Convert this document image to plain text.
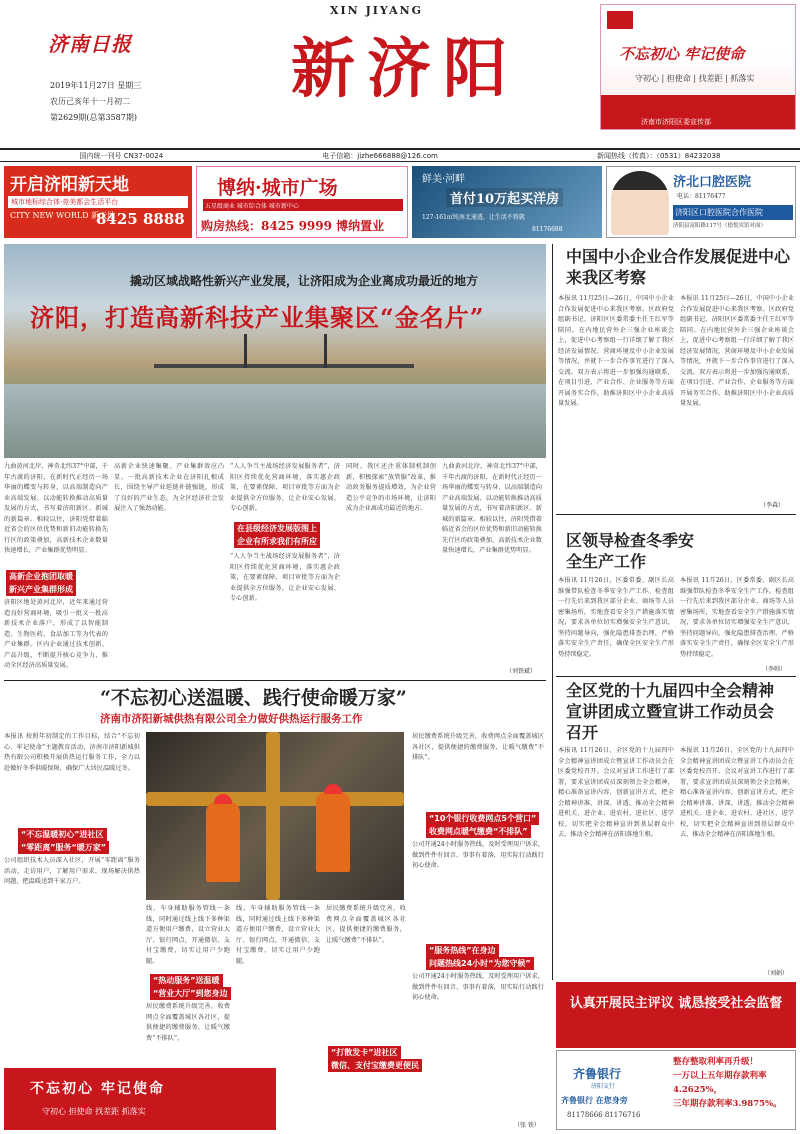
济南日报
2019年11月27日 星期三
农历己亥年十一月初二
第2629期(总第3587期)
XIN JIYANG
新济阳	不忘初心 牢记使命
守初心 | 担使命 | 找差距 | 抓落实
济南市济阳区委宣传部
国内统一刊号 CN37-0024	电子信箱：jizhe666888@126.com	新闻热线（传真）：（0531）84232038
开启济阳新天地
城市地标综合体·竞美都会生活平台
CITY NEW WORLD 新天地
8425 8888
博纳·城市广场
五星级商业 城市综合体 城市新中心
购房热线：8425 9999 博纳置业
鲜美·河畔
首付10万起买洋房
127-161㎡纯南北通透，让生活不将就
81176688
济北口腔医院
电话：81176477
济阳区口腔医院合作医院
济阳县富阳路117号（德悦宾馆对面）
撬动区域战略性新兴产业发展，让济阳成为企业离成功最近的地方
济阳，打造高新科技产业集聚区“金名片”
九曲黄河北岸，神奇北纬37°中部，千年古渡的济阳，在新时代正经历一场华丽的蝶变与转身，以高端制造向产业高端发展、以动能转换推动高质量发展的方式，书写着济阳新区、新城的新篇章。相较以往，济阳凭借着临近省会的区位优势和新旧动能转换先行区的政策叠加，高新技术企业数量快速增长，产业集群优势明显。
高新企业抱团取暖
新兴产业集群形成
济阳区地处黄河北岸，近年来通过营造良好营商环境，吸引一批又一批高新技术企业落户，形成了以智能制造、生物医药、食品加工等为代表的产业集群。区内企业通过技术创新、产品升级，不断提升核心竞争力，推动全区经济高质量发展。
高新企业快速集聚、产业集群效应凸显。一批高新技术企业在济阳扎根成长，围绕主导产业延链补链强链，形成了良好的产业生态，为全区经济社会发展注入了强劲动能。
在县级经济发展版图上
企业有所求我们有所应
“人人争当主战场经济发展服务者”，济阳区持续优化营商环境，落实惠企政策，在要素保障、项目审批等方面为企业提供全方位服务，让企业安心发展、专心创新。
“人人争当主战场经济发展服务者”，济阳区持续优化营商环境，落实惠企政策，在要素保障、项目审批等方面为企业提供全方位服务，让企业安心发展、专心创新。
同时，我区还注重体制机制创新，积极探索“放管服”改革，推动政务服务提质增效，为企业营造公平竞争的市场环境，让济阳成为企业离成功最近的地方。
九曲黄河北岸，神奇北纬37°中部，千年古渡的济阳，在新时代正经历一场华丽的蝶变与转身，以高端制造向产业高端发展、以动能转换推动高质量发展的方式，书写着济阳新区、新城的新篇章。相较以往，济阳凭借着临近省会的区位优势和新旧动能转换先行区的政策叠加，高新技术企业数量快速增长，产业集群优势明显。
（刘铁斌）
“不忘初心送温暖、践行使命暖万家”
济南市济阳新城供热有限公司全力做好供热运行服务工作
本报讯 按照年初制定的工作目标，结合“不忘初心、牢记使命”主题教育活动，济南市济阳新城供热有限公司积极开展供热运行服务工作，全力以赴做好冬季供暖保障，确保广大居民温暖过冬。
“不忘温暖初心”进社区
“零距离”服务“暖万家”
公司组织技术人员深入社区，开展“零距离”服务活动，走访用户，了解用户需求，现场解决供热问题，把温暖送到千家万户。
线、车身辅助服务管线一条线，同时通过线上线下多种渠道方便用户缴费，设立营业大厅、银行网点，开通微信、支付宝缴费，切实让用户少跑腿。
“热动服务”送温暖
“营业大厅”到您身边
居民缴费系统升级完善，收费网点全面覆盖城区各社区，提供便捷的缴费服务，让暖气缴费“不排队”。
线、车身辅助服务管线一条线，同时通过线上线下多种渠道方便用户缴费，设立营业大厅、银行网点，开通微信、支付宝缴费，切实让用户少跑腿。
居民缴费系统升级完善，收费网点全面覆盖城区各社区，提供便捷的缴费服务，让暖气缴费“不排队”。
“打散发卡”进社区
微信、支付宝缴费更便民
居民缴费系统升级完善，收费网点全面覆盖城区各社区，提供便捷的缴费服务，让暖气缴费“不排队”。
“10个银行收费网点5个营口”
收费网点暖气缴费“不排队”
公司开通24小时服务热线，及时受理用户诉求，做到件件有回音、事事有着落，用实际行动践行初心使命。
“服务热线”在身边
问题热线24小时“为您守候”
公司开通24小时服务热线，及时受理用户诉求，做到件件有回音、事事有着落，用实际行动践行初心使命。
（张 铁）
中国中小企业合作发展促进中心来我区考察
本报讯 11月25日—26日，中国中小企业合作发展促进中心来我区考察。区政府党组副书记、济阳区区委常委主任王红军等陪同。在内地民营外企三强企业座谈会上，促进中心考察组一行详细了解了我区经济发展情况、营商环境及中小企业发展等情况，并就下一步合作事宜进行了深入交流。双方表示将进一步加强沟通联系，在项目引进、产业合作、企业服务等方面开展务实合作，助推济阳区中小企业高质量发展。
本报讯 11月25日—26日，中国中小企业合作发展促进中心来我区考察。区政府党组副书记、济阳区区委常委主任王红军等陪同。在内地民营外企三强企业座谈会上，促进中心考察组一行详细了解了我区经济发展情况、营商环境及中小企业发展等情况，并就下一步合作事宜进行了深入交流。双方表示将进一步加强沟通联系，在项目引进、产业合作、企业服务等方面开展务实合作，助推济阳区中小企业高质量发展。
（李森）
区领导检查冬季安全生产工作
本报讯 11月26日，区委常委、副区长高维强带队检查冬季安全生产工作。检查组一行先后来到我区部分企业、商场等人员密集场所，实地查看安全生产措施落实情况，要求各单位切实增强安全生产意识，坚持问题导向，强化隐患排查治理，严格落实安全生产责任，确保全区安全生产形势持续稳定。
本报讯 11月26日，区委常委、副区长高维强带队检查冬季安全生产工作。检查组一行先后来到我区部分企业、商场等人员密集场所，实地查看安全生产措施落实情况，要求各单位切实增强安全生产意识，坚持问题导向，强化隐患排查治理，严格落实安全生产责任，确保全区安全生产形势持续稳定。
（李帅）
全区党的十九届四中全会精神宣讲团成立暨宣讲工作动员会召开
本报讯 11月26日，全区党的十九届四中全会精神宣讲团成立暨宣讲工作动员会在区委党校召开。会议对宣讲工作进行了部署，要求宣讲团成员深刻领会全会精神，精心准备宣讲内容，创新宣讲方式，把全会精神讲准、讲深、讲透，推动全会精神进机关、进企业、进农村、进社区、进学校，切实把全会精神宣讲到基层群众中去，推动全会精神在济阳落地生根。
本报讯 11月26日，全区党的十九届四中全会精神宣讲团成立暨宣讲工作动员会在区委党校召开。会议对宣讲工作进行了部署，要求宣讲团成员深刻领会全会精神，精心准备宣讲内容，创新宣讲方式，把全会精神讲准、讲深、讲透，推动全会精神进机关、进企业、进农村、进社区、进学校，切实把全会精神宣讲到基层群众中去，推动全会精神在济阳落地生根。
（刘娟）
认真开展民主评议 诚恳接受社会监督
齐鲁银行
济阳支行
齐鲁银行 在您身旁
81178666 81176716
整存整取利率再升级！
一万以上五年期存款利率4.2625%，
三年期存款利率3.9875%。
不忘初心 牢记使命
守初心 担使命 找差距 抓落实
